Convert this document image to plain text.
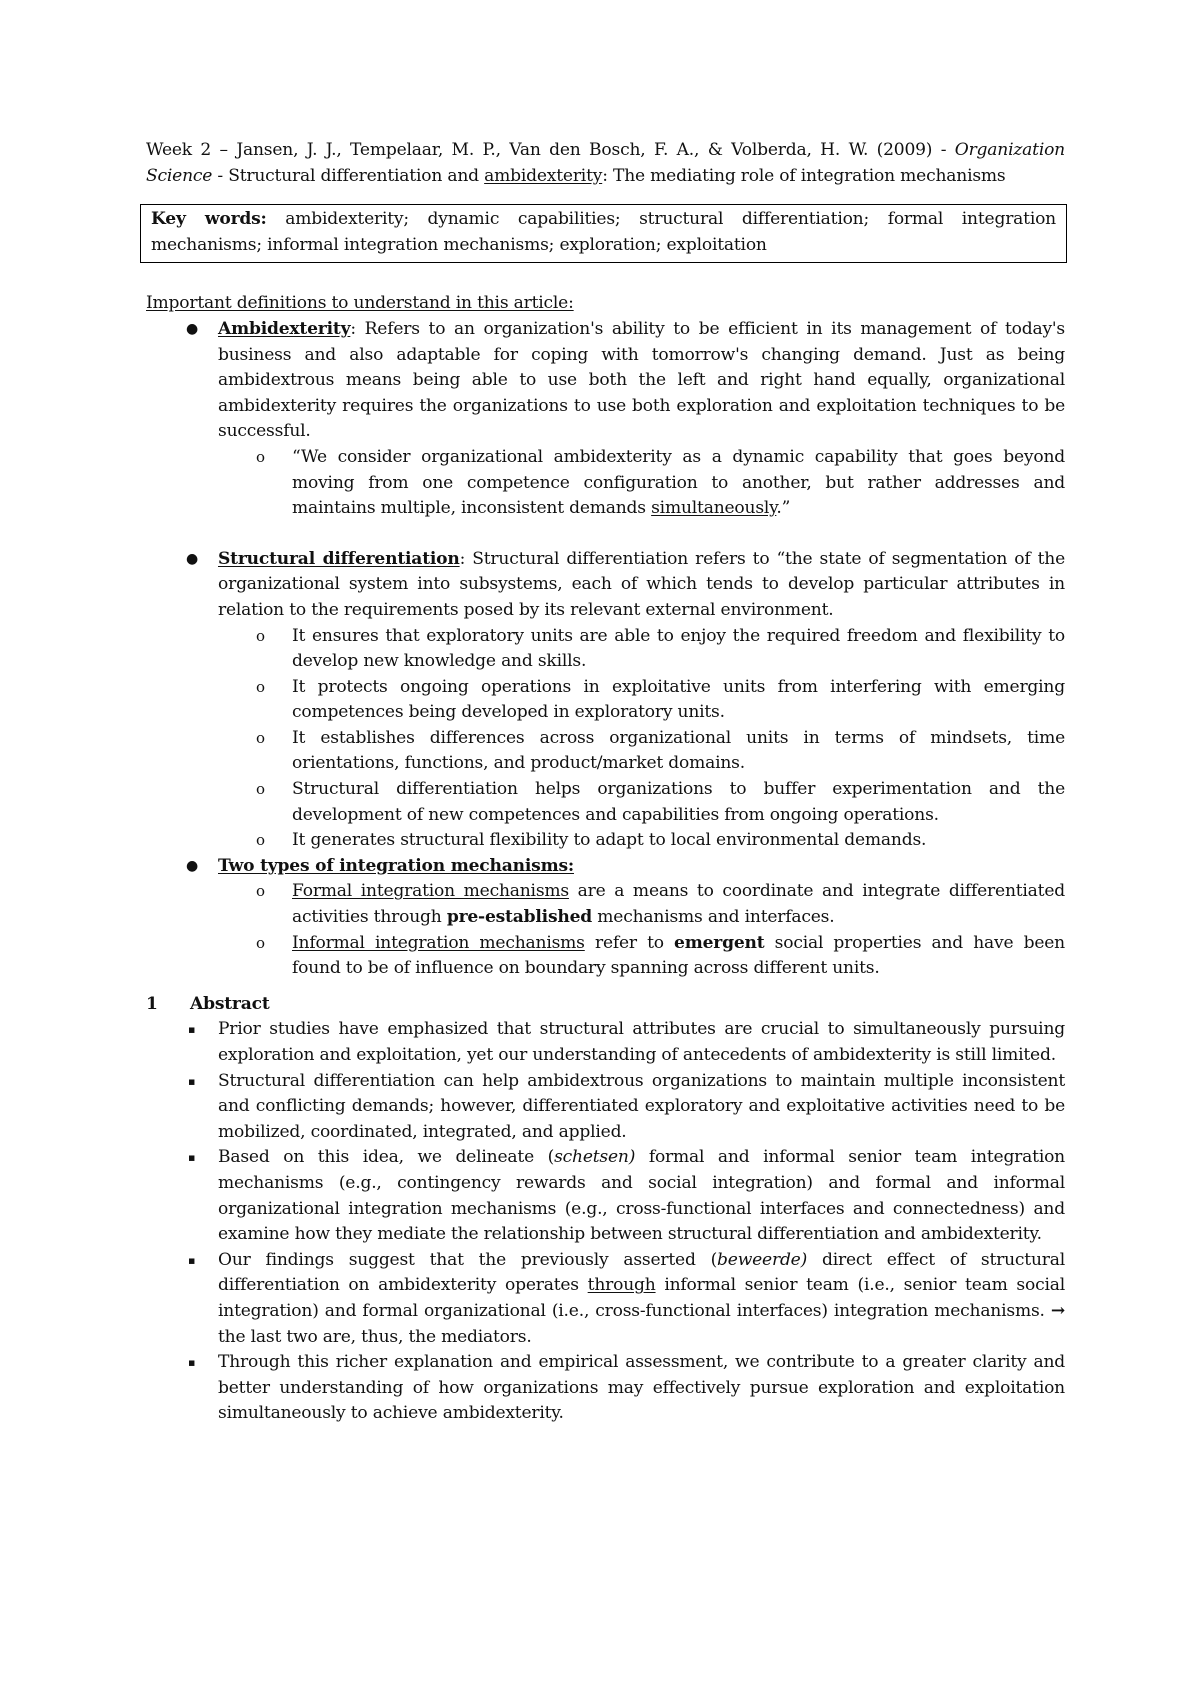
Week 2 – Jansen, J. J., Tempelaar, M. P., Van den Bosch, F. A., & Volberda, H. W. (2009) - Organization Science - Structural differentiation and ambidexterity: The mediating role of integration mechanisms

Key words: ambidexterity; dynamic capabilities; structural differentiation; formal integration mechanisms; informal integration mechanisms; exploration; exploitation

Important definitions to understand in this article:

● Ambidexterity: Refers to an organization's ability to be efficient in its management of today's business and also adaptable for coping with tomorrow's changing demand. Just as being ambidextrous means being able to use both the left and right hand equally, organizational ambidexterity requires the organizations to use both exploration and exploitation techniques to be successful.
o “We consider organizational ambidexterity as a dynamic capability that goes beyond moving from one competence configuration to another, but rather addresses and maintains multiple, inconsistent demands simultaneously.”
● Structural differentiation: Structural differentiation refers to “the state of segmentation of the organizational system into subsystems, each of which tends to develop particular attributes in relation to the requirements posed by its relevant external environment.
o It ensures that exploratory units are able to enjoy the required freedom and flexibility to develop new knowledge and skills.
o It protects ongoing operations in exploitative units from interfering with emerging competences being developed in exploratory units.
o It establishes differences across organizational units in terms of mindsets, time orientations, functions, and product/market domains.
o Structural differentiation helps organizations to buffer experimentation and the development of new competences and capabilities from ongoing operations.
o It generates structural flexibility to adapt to local environmental demands.
● Two types of integration mechanisms:
o Formal integration mechanisms are a means to coordinate and integrate differentiated activities through pre-established mechanisms and interfaces.
o Informal integration mechanisms refer to emergent social properties and have been found to be of influence on boundary spanning across different units.

1 Abstract

▪ Prior studies have emphasized that structural attributes are crucial to simultaneously pursuing exploration and exploitation, yet our understanding of antecedents of ambidexterity is still limited.
▪ Structural differentiation can help ambidextrous organizations to maintain multiple inconsistent and conflicting demands; however, differentiated exploratory and exploitative activities need to be mobilized, coordinated, integrated, and applied.
▪ Based on this idea, we delineate (schetsen) formal and informal senior team integration mechanisms (e.g., contingency rewards and social integration) and formal and informal organizational integration mechanisms (e.g., cross-functional interfaces and connectedness) and examine how they mediate the relationship between structural differentiation and ambidexterity.
▪ Our findings suggest that the previously asserted (beweerde) direct effect of structural differentiation on ambidexterity operates through informal senior team (i.e., senior team social integration) and formal organizational (i.e., cross-functional interfaces) integration mechanisms. → the last two are, thus, the mediators.
▪ Through this richer explanation and empirical assessment, we contribute to a greater clarity and better understanding of how organizations may effectively pursue exploration and exploitation simultaneously to achieve ambidexterity.
